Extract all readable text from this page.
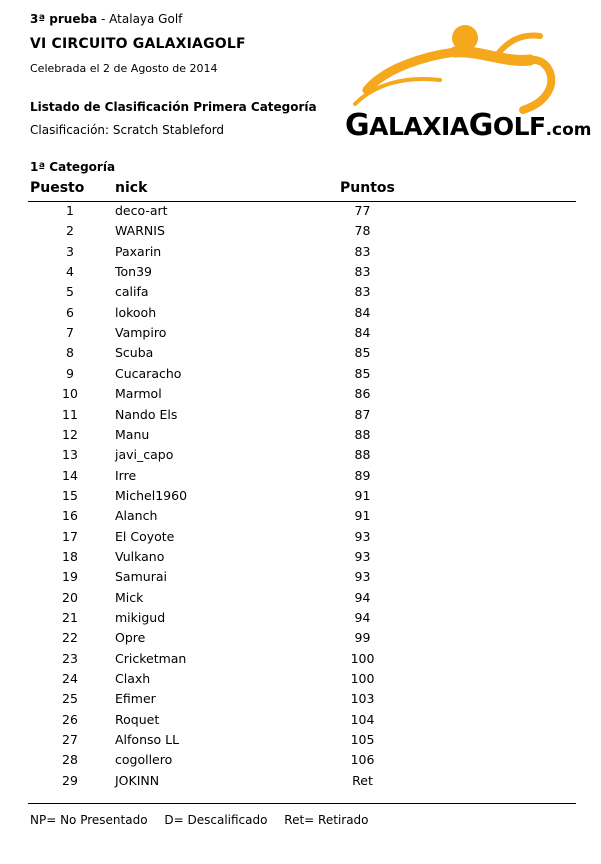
3ª prueba - Atalaya Golf
VI CIRCUITO GALAXIAGOLF
Celebrada el 2 de Agosto de 2014
Listado de Clasificación Primera Categoría
Clasificación: Scratch Stableford
1ª Categoría
GALAXIAGOLF.com
Puesto nick	Puntos
1	deco-art	77
2	WARNIS	78
3	Paxarin	83
4	Ton39	83
5	califa	83
6	lokooh	84
7	Vampiro	84
8	Scuba	85
9	Cucaracho	85
10	Marmol	86
11	Nando Els	87
12	Manu	88
13	javi_capo	88
14	Irre	89
15	Michel1960	91
16	Alanch	91
17	El Coyote	93
18	Vulkano	93
19	Samurai	93
20	Mick	94
21	mikigud	94
22	Opre	99
23	Cricketman	100
24	Claxh	100
25	Efimer	103
26	Roquet	104
27	Alfonso LL	105
28	cogollero	106
29	JOKINN	Ret
NP= No Presentado D= Descalificado Ret= Retirado
